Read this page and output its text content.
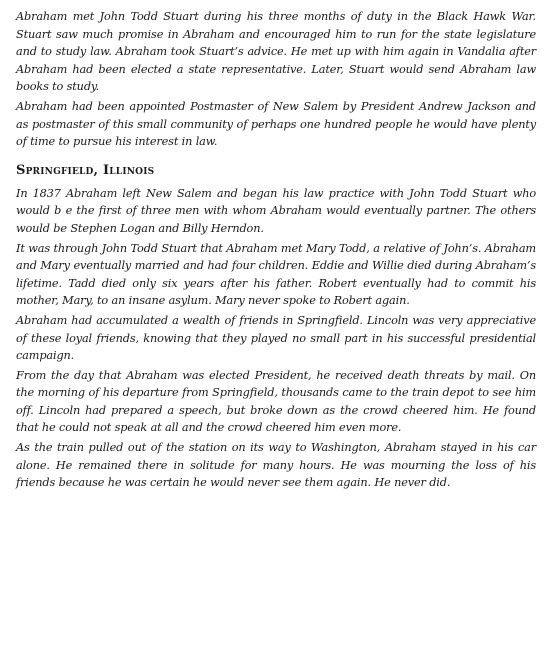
Abraham met John Todd Stuart during his three months of duty in the Black Hawk War. Stuart saw much promise in Abraham and encouraged him to run for the state legislature and to study law. Abraham took Stuart’s advice. He met up with him again in Vandalia after Abraham had been elected a state representative. Later, Stuart would send Abraham law books to study.

Abraham had been appointed Postmaster of New Salem by President Andrew Jackson and as postmaster of this small community of perhaps one hundred people he would have plenty of time to pursue his interest in law.

Springfield, Illinois

In 1837 Abraham left New Salem and began his law practice with John Todd Stuart who would b e the first of three men with whom Abraham would eventually partner. The others would be Stephen Logan and Billy Herndon.

It was through John Todd Stuart that Abraham met Mary Todd, a relative of John’s. Abraham and Mary eventually married and had four children. Eddie and Willie died during Abraham’s lifetime. Tadd died only six years after his father. Robert eventually had to commit his mother, Mary, to an insane asylum. Mary never spoke to Robert again.

Abraham had accumulated a wealth of friends in Springfield. Lincoln was very appreciative of these loyal friends, knowing that they played no small part in his successful presidential campaign.

From the day that Abraham was elected President, he received death threats by mail. On the morning of his departure from Springfield, thousands came to the train depot to see him off. Lincoln had prepared a speech, but broke down as the crowd cheered him. He found that he could not speak at all and the crowd cheered him even more.

As the train pulled out of the station on its way to Washington, Abraham stayed in his car alone. He remained there in solitude for many hours. He was mourning the loss of his friends because he was certain he would never see them again. He never did.
